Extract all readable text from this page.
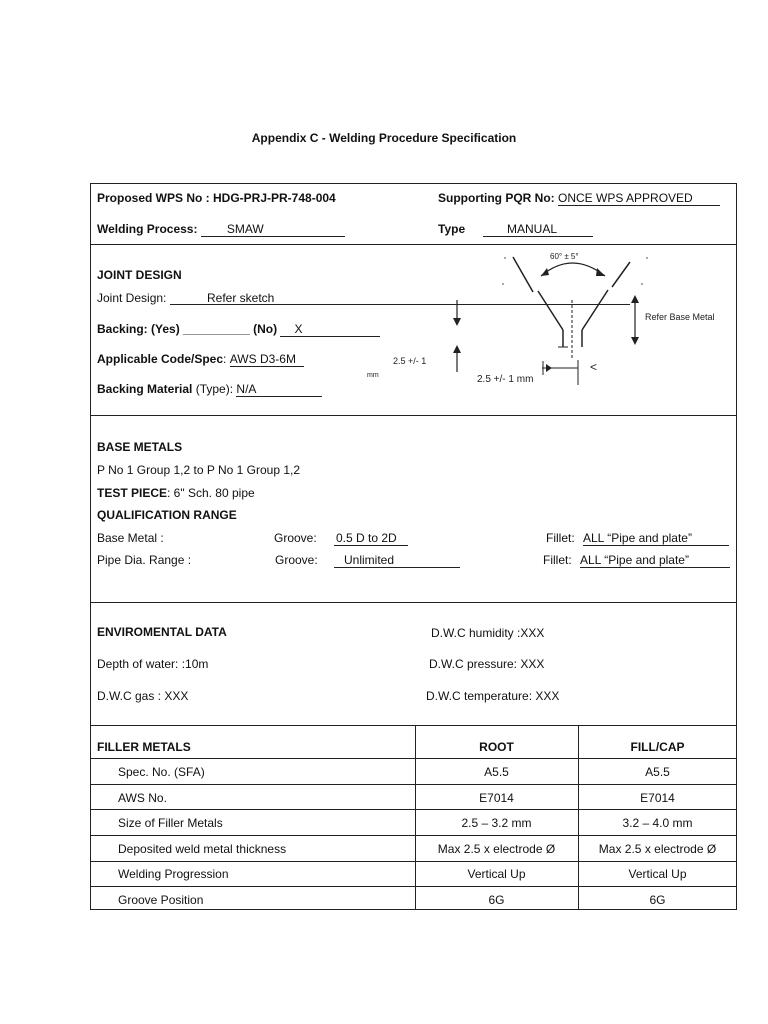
Appendix C - Welding Procedure Specification
Proposed WPS No : HDG-PRJ-PR-748-004	Supporting PQR No: ONCE WPS APPROVED
Welding Process: SMAW	Type	MANUAL
JOINT DESIGN
Joint Design:	Refer sketch
Backing: (Yes) __________ (No) X
Applicable Code/Spec: AWS D3-6M
Backing Material (Type): N/A
60° ± 5°
Refer Base Metal
2.5 +/- 1
mm	2.5 +/- 1 mm
<
BASE METALS
P No 1 Group 1,2 to P No 1 Group 1,2
TEST PIECE: 6" Sch. 80 pipe
QUALIFICATION RANGE
Base Metal :	Groove: 0.5 D to 2D	Fillet: ALL “Pipe and plate”
Pipe Dia. Range :	Groove:	Unlimited	Fillet: ALL “Pipe and plate”
ENVIROMENTAL DATA	D.W.C humidity :XXX
Depth of water: :10m	D.W.C pressure: XXX
D.W.C gas : XXX	D.W.C temperature: XXX
FILLER METALS	ROOT	FILL/CAP
Spec. No. (SFA)	A5.5	A5.5
AWS No.	E7014	E7014
Size of Filler Metals	2.5 – 3.2 mm	3.2 – 4.0 mm
Deposited weld metal thickness	Max 2.5 x electrode Ø	Max 2.5 x electrode Ø
Welding Progression	Vertical Up	Vertical Up
Groove Position	6G	6G
